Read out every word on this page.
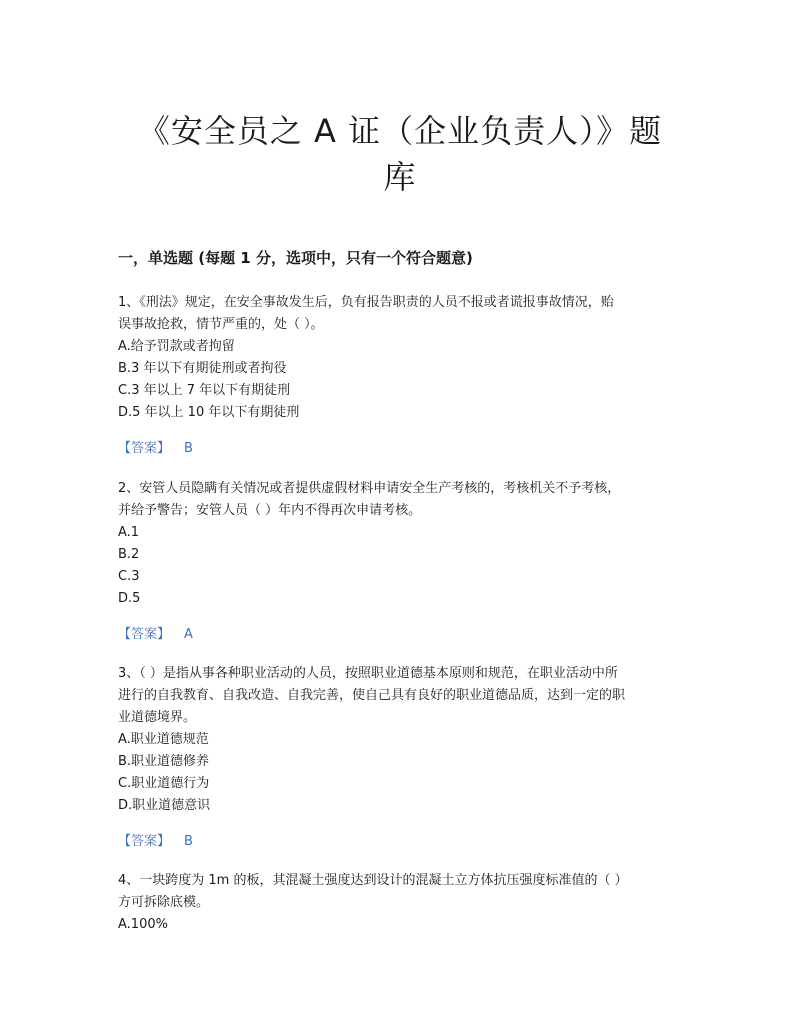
《安全员之 A 证（企业负责人）》题
库
一，单选题 (每题 1 分，选项中，只有一个符合题意)
1、《刑法》规定，在安全事故发生后，负有报告职责的人员不报或者谎报事故情况，贻
误事故抢救，情节严重的，处（ ）。
A.给予罚款或者拘留
B.3 年以下有期徒刑或者拘役
C.3 年以上 7 年以下有期徒刑
D.5 年以上 10 年以下有期徒刑
【答案】 B
2、安管人员隐瞒有关情况或者提供虚假材料申请安全生产考核的，考核机关不予考核，
并给予警告；安管人员（ ）年内不得再次申请考核。
A.1
B.2
C.3
D.5
【答案】 A
3、（ ）是指从事各种职业活动的人员，按照职业道德基本原则和规范，在职业活动中所
进行的自我教育、自我改造、自我完善，使自己具有良好的职业道德品质，达到一定的职
业道德境界。
A.职业道德规范
B.职业道德修养
C.职业道德行为
D.职业道德意识
【答案】 B
4、一块跨度为 1m 的板，其混凝土强度达到设计的混凝土立方体抗压强度标准值的（ ）
方可拆除底模。
A.100%
